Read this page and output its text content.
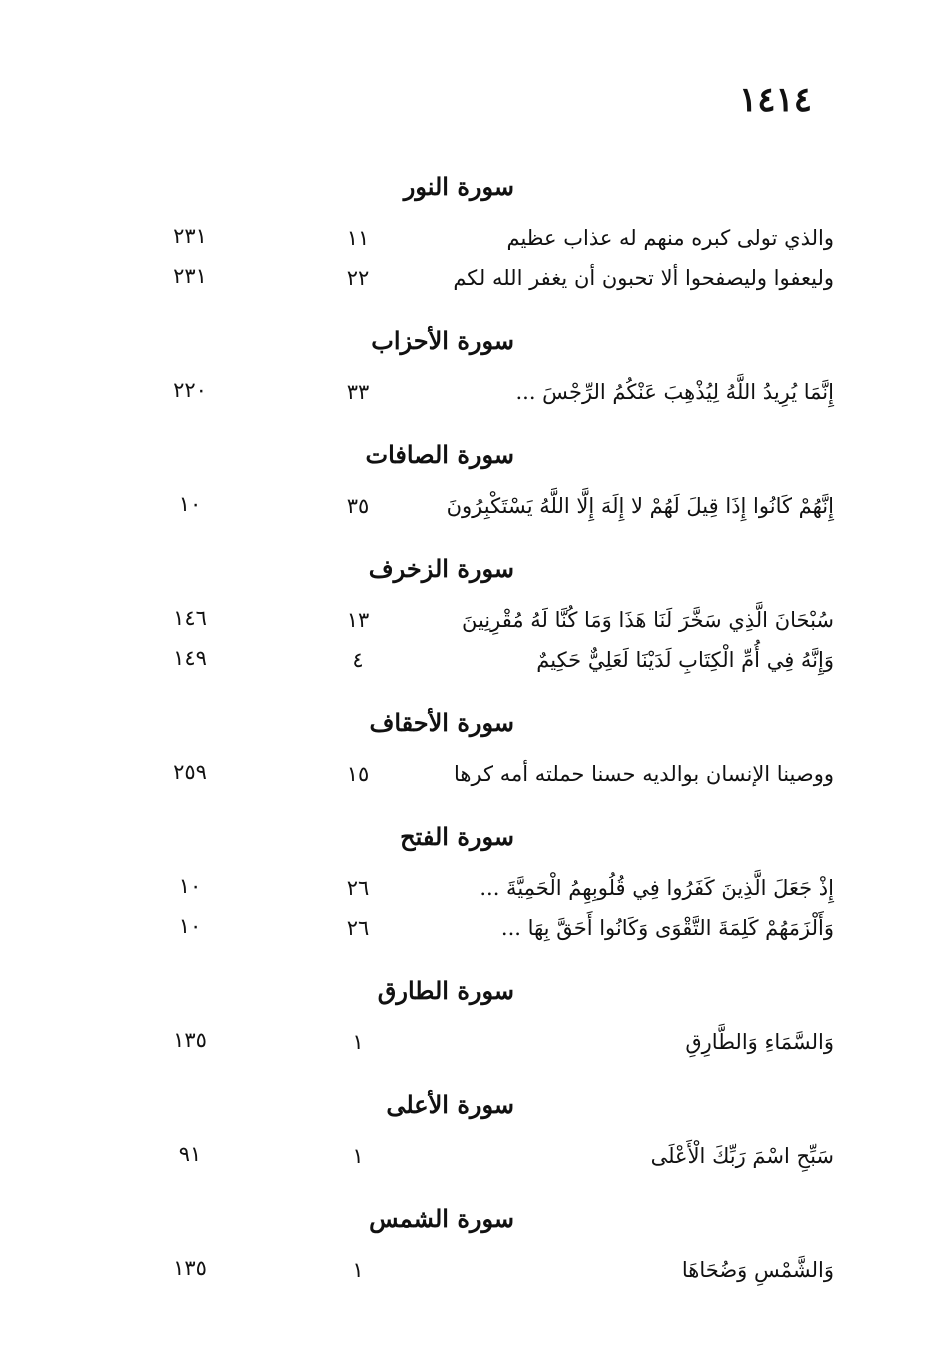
١٤١٤
سورة النور
والذي تولى كبره منهم له عذاب عظيم
١١
٢٣١
وليعفوا وليصفحوا ألا تحبون أن يغفر الله لكم
٢٢
٢٣١
سورة الأحزاب
إِنَّمَا يُرِيدُ اللَّهُ لِيُذْهِبَ عَنْكُمُ الرِّجْسَ ...
٣٣
٢٢٠
سورة الصافات
إِنَّهُمْ كَانُوا إِذَا قِيلَ لَهُمْ لا إِلَهَ إِلَّا اللَّهُ يَسْتَكْبِرُونَ
٣٥
١٠
سورة الزخرف
سُبْحَانَ الَّذِي سَخَّرَ لَنَا هَذَا وَمَا كُنَّا لَهُ مُقْرِنِينَ
١٣
١٤٦
وَإِنَّهُ فِي أُمِّ الْكِتَابِ لَدَيْنَا لَعَلِيٌّ حَكِيمٌ
٤
١٤٩
سورة الأحقاف
ووصينا الإنسان بوالديه حسنا حملته أمه كرها
١٥
٢٥٩
سورة الفتح
إِذْ جَعَلَ الَّذِينَ كَفَرُوا فِي قُلُوبِهِمُ الْحَمِيَّةَ ...
٢٦
١٠
وَأَلْزَمَهُمْ كَلِمَةَ التَّقْوَى وَكَانُوا أَحَقَّ بِهَا ...
٢٦
١٠
سورة الطارق
وَالسَّمَاءِ وَالطَّارِقِ
١
١٣٥
سورة الأعلى
سَبِّحِ اسْمَ رَبِّكَ الْأَعْلَى
١
٩١
سورة الشمس
وَالشَّمْسِ وَضُحَاهَا
١
١٣٥
